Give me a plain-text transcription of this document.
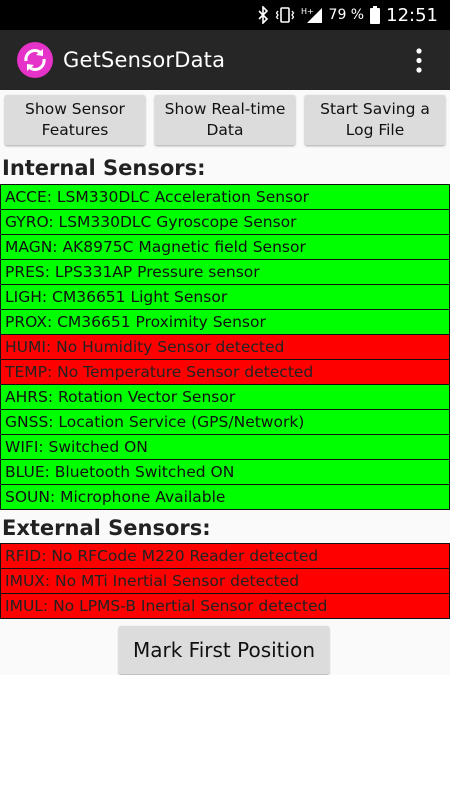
H+ 79 % 12:51
GetSensorData
Show Sensor Features
Show Real-time Data
Start Saving a Log File
Internal Sensors:
ACCE: LSM330DLC Acceleration Sensor
GYRO: LSM330DLC Gyroscope Sensor
MAGN: AK8975C Magnetic field Sensor
PRES: LPS331AP Pressure sensor
LIGH: CM36651 Light Sensor
PROX: CM36651 Proximity Sensor
HUMI: No Humidity Sensor detected
TEMP: No Temperature Sensor detected
AHRS: Rotation Vector Sensor
GNSS: Location Service (GPS/Network)
WIFI: Switched ON
BLUE: Bluetooth Switched ON
SOUN: Microphone Available
External Sensors:
RFID: No RFCode M220 Reader detected
IMUX: No MTi Inertial Sensor detected
IMUL: No LPMS-B Inertial Sensor detected
Mark First Position
